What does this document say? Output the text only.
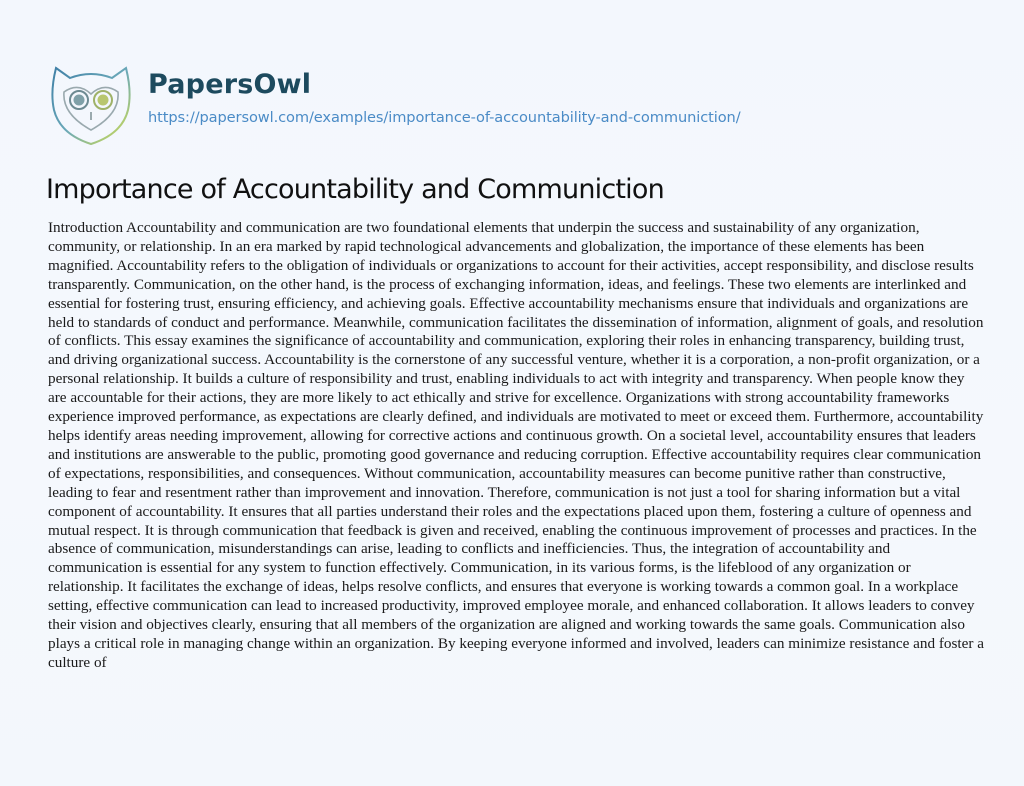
PapersOwl
https://papersowl.com/examples/importance-of-accountability-and-communiction/
Importance of Accountability and Communiction

Introduction Accountability and communication are two foundational elements that underpin the success and sustainability of any organization, community, or relationship. In an era marked by rapid technological advancements and globalization, the importance of these elements has been magnified. Accountability refers to the obligation of individuals or organizations to account for their activities, accept responsibility, and disclose results transparently. Communication, on the other hand, is the process of exchanging information, ideas, and feelings. These two elements are interlinked and essential for fostering trust, ensuring efficiency, and achieving goals. Effective accountability mechanisms ensure that individuals and organizations are held to standards of conduct and performance. Meanwhile, communication facilitates the dissemination of information, alignment of goals, and resolution of conflicts. This essay examines the significance of accountability and communication, exploring their roles in enhancing transparency, building trust, and driving organizational success. Accountability is the cornerstone of any successful venture, whether it is a corporation, a non-profit organization, or a personal relationship. It builds a culture of responsibility and trust, enabling individuals to act with integrity and transparency. When people know they are accountable for their actions, they are more likely to act ethically and strive for excellence. Organizations with strong accountability frameworks experience improved performance, as expectations are clearly defined, and individuals are motivated to meet or exceed them. Furthermore, accountability helps identify areas needing improvement, allowing for corrective actions and continuous growth. On a societal level, accountability ensures that leaders and institutions are answerable to the public, promoting good governance and reducing corruption. Effective accountability requires clear communication of expectations, responsibilities, and consequences. Without communication, accountability measures can become punitive rather than constructive, leading to fear and resentment rather than improvement and innovation. Therefore, communication is not just a tool for sharing information but a vital component of accountability. It ensures that all parties understand their roles and the expectations placed upon them, fostering a culture of openness and mutual respect. It is through communication that feedback is given and received, enabling the continuous improvement of processes and practices. In the absence of communication, misunderstandings can arise, leading to conflicts and inefficiencies. Thus, the integration of accountability and communication is essential for any system to function effectively. Communication, in its various forms, is the lifeblood of any organization or relationship. It facilitates the exchange of ideas, helps resolve conflicts, and ensures that everyone is working towards a common goal. In a workplace setting, effective communication can lead to increased productivity, improved employee morale, and enhanced collaboration. It allows leaders to convey their vision and objectives clearly, ensuring that all members of the organization are aligned and working towards the same goals. Communication also plays a critical role in managing change within an organization. By keeping everyone informed and involved, leaders can minimize resistance and foster a culture of
